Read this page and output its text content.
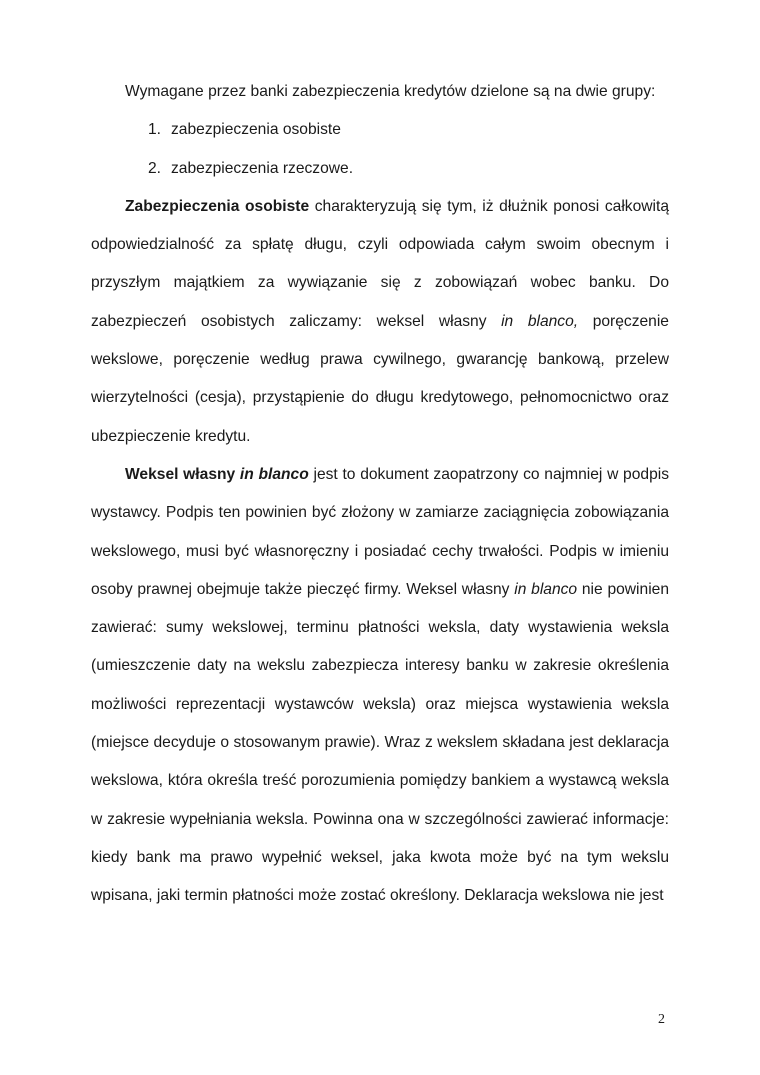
Wymagane przez banki zabezpieczenia kredytów dzielone są na dwie grupy:

1. zabezpieczenia osobiste
2. zabezpieczenia rzeczowe.

Zabezpieczenia osobiste charakteryzują się tym, iż dłużnik ponosi całkowitą odpowiedzialność za spłatę długu, czyli odpowiada całym swoim obecnym i przyszłym majątkiem za wywiązanie się z zobowiązań wobec banku. Do zabezpieczeń osobistych zaliczamy: weksel własny in blanco, poręczenie wekslowe, poręczenie według prawa cywilnego, gwarancję bankową, przelew wierzytelności (cesja), przystąpienie do długu kredytowego, pełnomocnictwo oraz ubezpieczenie kredytu.

Weksel własny in blanco jest to dokument zaopatrzony co najmniej w podpis wystawcy. Podpis ten powinien być złożony w zamiarze zaciągnięcia zobowiązania wekslowego, musi być własnoręczny i posiadać cechy trwałości. Podpis w imieniu osoby prawnej obejmuje także pieczęć firmy. Weksel własny in blanco nie powinien zawierać: sumy wekslowej, terminu płatności weksla, daty wystawienia weksla (umieszczenie daty na wekslu zabezpiecza interesy banku w zakresie określenia możliwości reprezentacji wystawców weksla) oraz miejsca wystawienia weksla (miejsce decyduje o stosowanym prawie). Wraz z wekslem składana jest deklaracja wekslowa, która określa treść porozumienia pomiędzy bankiem a wystawcą weksla w zakresie wypełniania weksla. Powinna ona w szczególności zawierać informacje: kiedy bank ma prawo wypełnić weksel, jaka kwota może być na tym wekslu wpisana, jaki termin płatności może zostać określony. Deklaracja wekslowa nie jest

2
